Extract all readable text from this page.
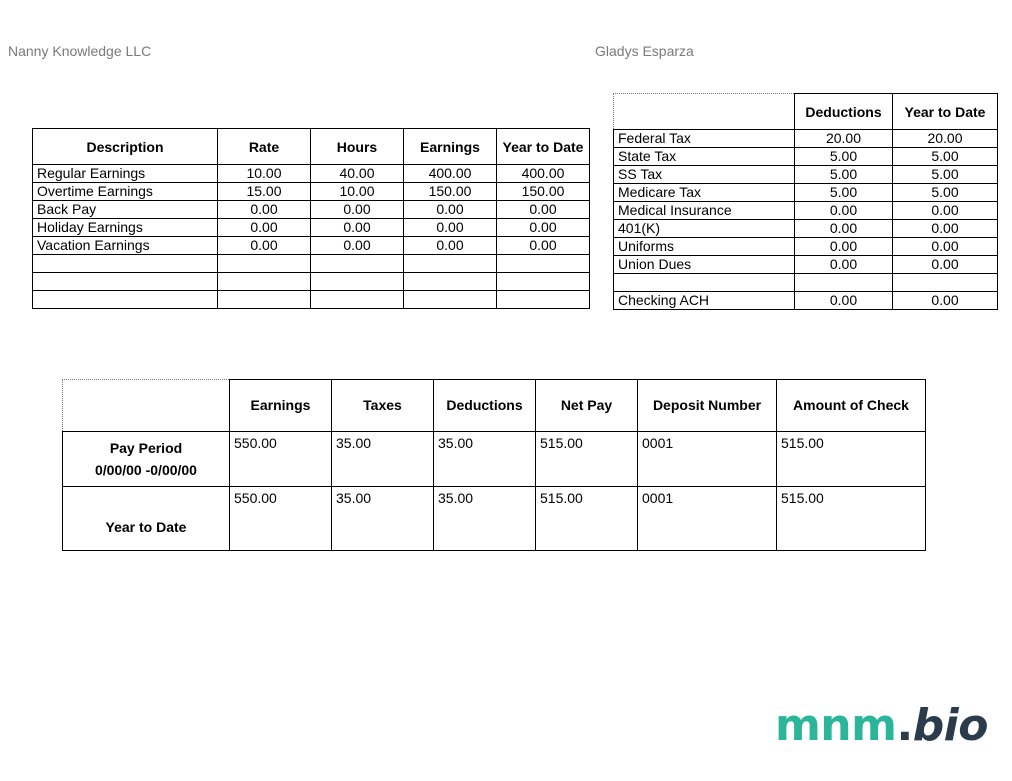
Nanny Knowledge LLC	Gladys Esparza
Description	Rate	Hours	Earnings	Year to Date
Regular Earnings	10.00	40.00	400.00	400.00
Overtime Earnings	15.00	10.00	150.00	150.00
Back Pay	0.00	0.00	0.00	0.00
Holiday Earnings	0.00	0.00	0.00	0.00
Vacation Earnings	0.00	0.00	0.00	0.00

	Deductions	Year to Date
Federal Tax	20.00	20.00
State Tax	5.00	5.00
SS Tax	5.00	5.00
Medicare Tax	5.00	5.00
Medical Insurance	0.00	0.00
401(K)	0.00	0.00
Uniforms	0.00	0.00
Union Dues	0.00	0.00

Checking ACH	0.00	0.00
	Earnings	Taxes	Deductions	Net Pay	Deposit Number	Amount of Check

Pay Period
0/00/00 -0/00/00	550.00	35.00	35.00	515.00	0001	515.00

Year to Date	550.00	35.00	35.00	515.00	0001	515.00
mnm.bio
